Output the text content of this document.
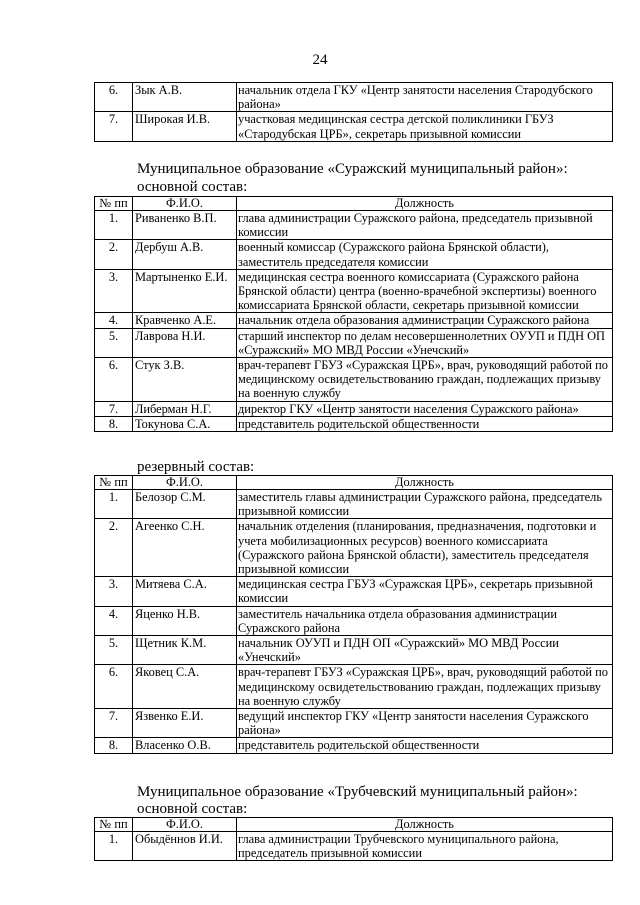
24
6.	Зык А.В.	начальник отдела ГКУ «Центр занятости населения Стародубского района»
7.	Широкая И.В.	участковая медицинская сестра детской поликлиники ГБУЗ «Стародубская ЦРБ», секретарь призывной комиссии
Муниципальное образование «Суражский муниципальный район»:
основной состав:
№ пп	Ф.И.О.	Должность
1.	Риваненко В.П.	глава администрации Суражского района, председатель призывной комиссии
2.	Дербуш А.В.	военный комиссар (Суражского района Брянской области), заместитель председателя комиссии
3.	Мартыненко Е.И.	медицинская сестра военного комиссариата (Суражского района Брянской области) центра (военно-врачебной экспертизы) военного комиссариата Брянской области, секретарь призывной комиссии
4.	Кравченко А.Е.	начальник отдела образования администрации Суражского района
5.	Лаврова Н.И.	старший инспектор по делам несовершеннолетних ОУУП и ПДН ОП «Суражский» МО МВД России «Унечский»
6.	Стук З.В.	врач-терапевт ГБУЗ «Суражская ЦРБ», врач, руководящий работой по медицинскому освидетельствованию граждан, подлежащих призыву на военную службу
7.	Либерман Н.Г.	директор ГКУ «Центр занятости населения Суражского района»
8.	Токунова С.А.	представитель родительской общественности
резервный состав:
№ пп	Ф.И.О.	Должность
1.	Белозор С.М.	заместитель главы администрации Суражского района, председатель призывной комиссии
2.	Агеенко С.Н.	начальник отделения (планирования, предназначения, подготовки и учета мобилизационных ресурсов) военного комиссариата (Суражского района Брянской области), заместитель председателя призывной комиссии
3.	Митяева С.А.	медицинская сестра ГБУЗ «Суражская ЦРБ», секретарь призывной комиссии
4.	Яценко Н.В.	заместитель начальника отдела образования администрации Суражского района
5.	Щетник К.М.	начальник ОУУП и ПДН ОП «Суражский» МО МВД России «Унечский»
6.	Яковец С.А.	врач-терапевт ГБУЗ «Суражская ЦРБ», врач, руководящий работой по медицинскому освидетельствованию граждан, подлежащих призыву на военную службу
7.	Язвенко Е.И.	ведущий инспектор ГКУ «Центр занятости населения Суражского района»
8.	Власенко О.В.	представитель родительской общественности
Муниципальное образование «Трубчевский муниципальный район»:
основной состав:
№ пп	Ф.И.О.	Должность
1.	Обыдённов И.И.	глава администрации Трубчевского муниципального района, председатель призывной комиссии
